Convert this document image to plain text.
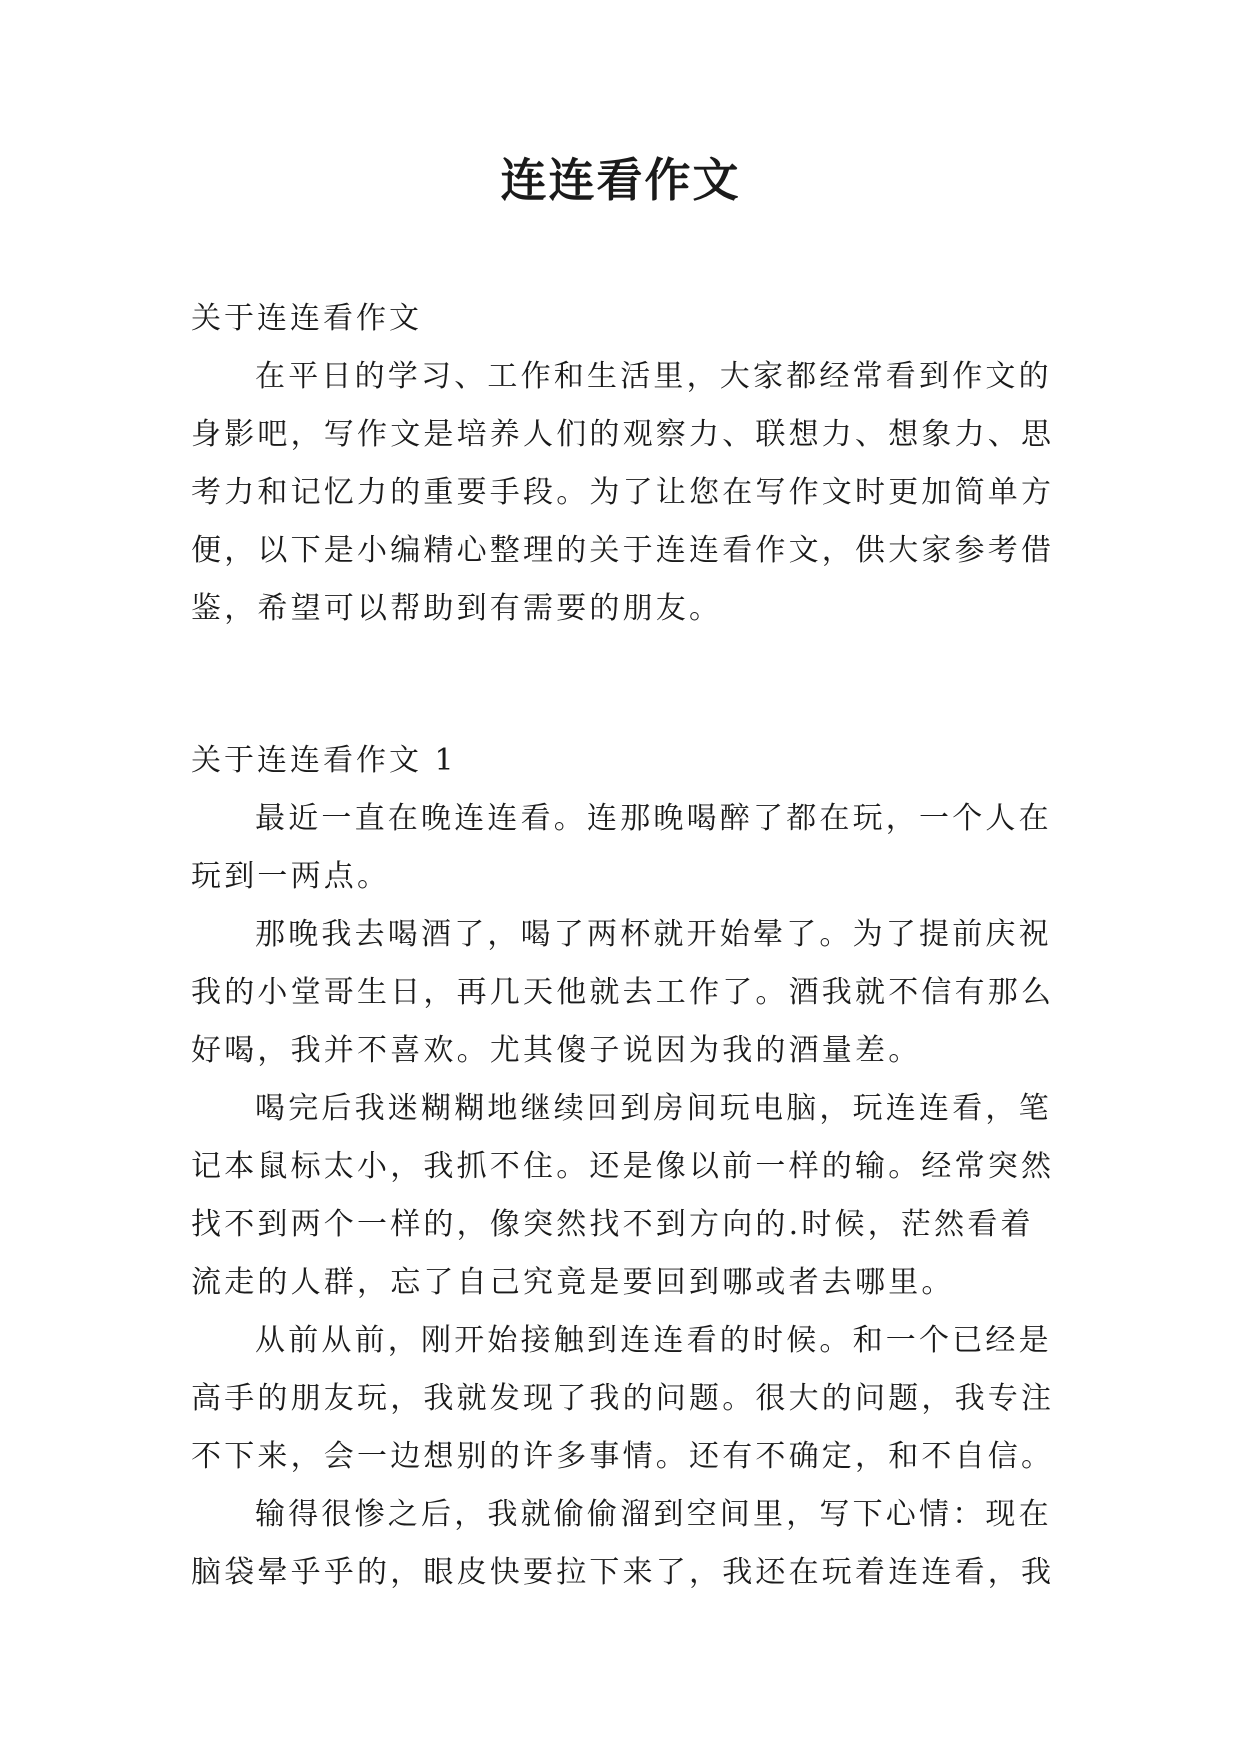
连连看作文

关于连连看作文

在平日的学习、工作和生活里，大家都经常看到作文的

身影吧，写作文是培养人们的观察力、联想力、想象力、思

考力和记忆力的重要手段。为了让您在写作文时更加简单方

便，以下是小编精心整理的关于连连看作文，供大家参考借

鉴，希望可以帮助到有需要的朋友。

关于连连看作文 1

最近一直在晚连连看。连那晚喝醉了都在玩，一个人在

玩到一两点。

那晚我去喝酒了，喝了两杯就开始晕了。为了提前庆祝

我的小堂哥生日，再几天他就去工作了。酒我就不信有那么

好喝，我并不喜欢。尤其傻子说因为我的酒量差。

喝完后我迷糊糊地继续回到房间玩电脑，玩连连看，笔

记本鼠标太小，我抓不住。还是像以前一样的输。经常突然

找不到两个一样的，像突然找不到方向的.时候，茫然看着

流走的人群，忘了自己究竟是要回到哪或者去哪里。

从前从前，刚开始接触到连连看的时候。和一个已经是

高手的朋友玩，我就发现了我的问题。很大的问题，我专注

不下来，会一边想别的许多事情。还有不确定，和不自信。

输得很惨之后，我就偷偷溜到空间里，写下心情：现在

脑袋晕乎乎的，眼皮快要拉下来了，我还在玩着连连看，我
